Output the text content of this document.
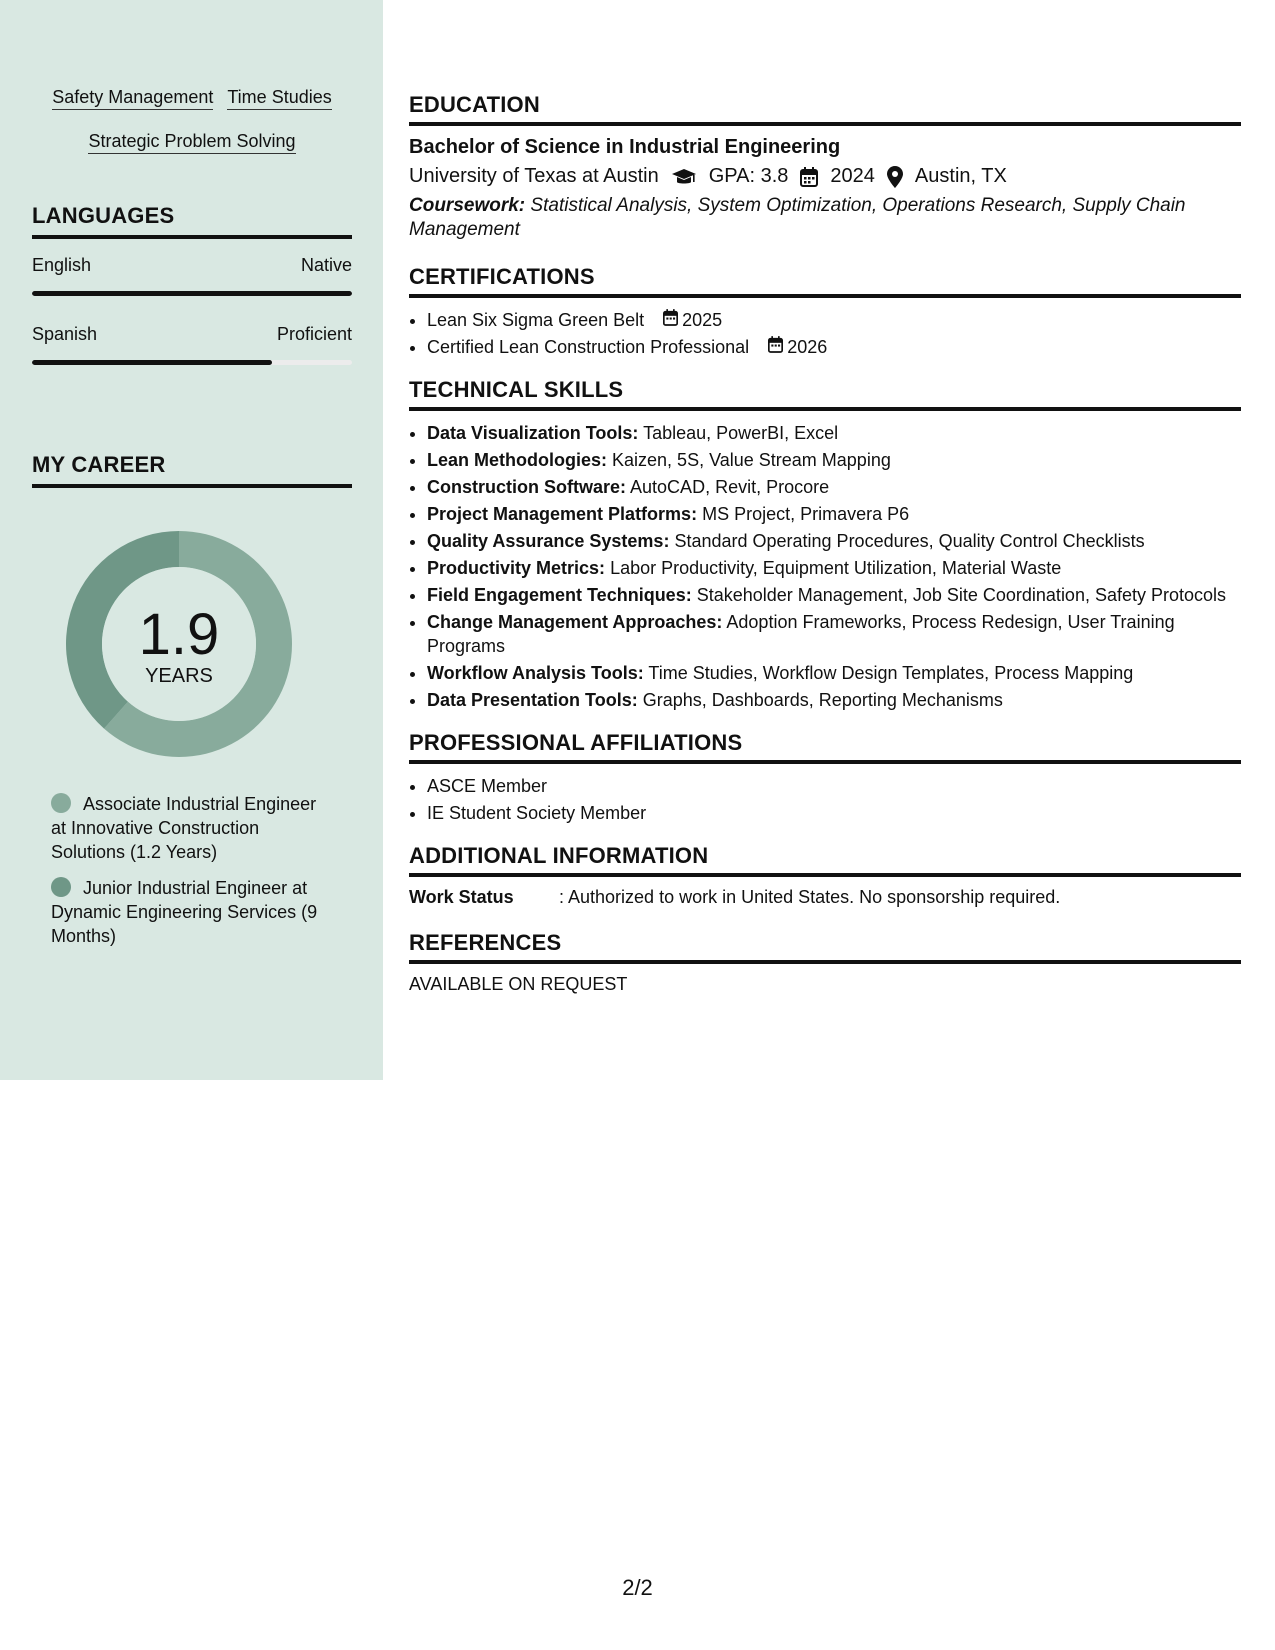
Safety Management Time Studies
Strategic Problem Solving
LANGUAGES
English	Native
Spanish	Proficient
MY CAREER
1.9
YEARS
Associate Industrial Engineer at Innovative Construction Solutions (1.2 Years)
Junior Industrial Engineer at Dynamic Engineering Services (9 Months)
EDUCATION
Bachelor of Science in Industrial Engineering
University of Texas at Austin	GPA: 3.8 2024 Austin, TX
Coursework: Statistical Analysis, System Optimization, Operations Research, Supply Chain Management
CERTIFICATIONS
• Lean Six Sigma Green Belt 2025
• Certified Lean Construction Professional 2026
TECHNICAL SKILLS
• Data Visualization Tools: Tableau, PowerBI, Excel
• Lean Methodologies: Kaizen, 5S, Value Stream Mapping
• Construction Software: AutoCAD, Revit, Procore
• Project Management Platforms: MS Project, Primavera P6
• Quality Assurance Systems: Standard Operating Procedures, Quality Control Checklists
• Productivity Metrics: Labor Productivity, Equipment Utilization, Material Waste
• Field Engagement Techniques: Stakeholder Management, Job Site Coordination, Safety Protocols
• Change Management Approaches: Adoption Frameworks, Process Redesign, User Training Programs
• Workflow Analysis Tools: Time Studies, Workflow Design Templates, Process Mapping
• Data Presentation Tools: Graphs, Dashboards, Reporting Mechanisms
PROFESSIONAL AFFILIATIONS
• ASCE Member
• IE Student Society Member
ADDITIONAL INFORMATION
Work Status	: Authorized to work in United States. No sponsorship required.
REFERENCES
AVAILABLE ON REQUEST
2/2
